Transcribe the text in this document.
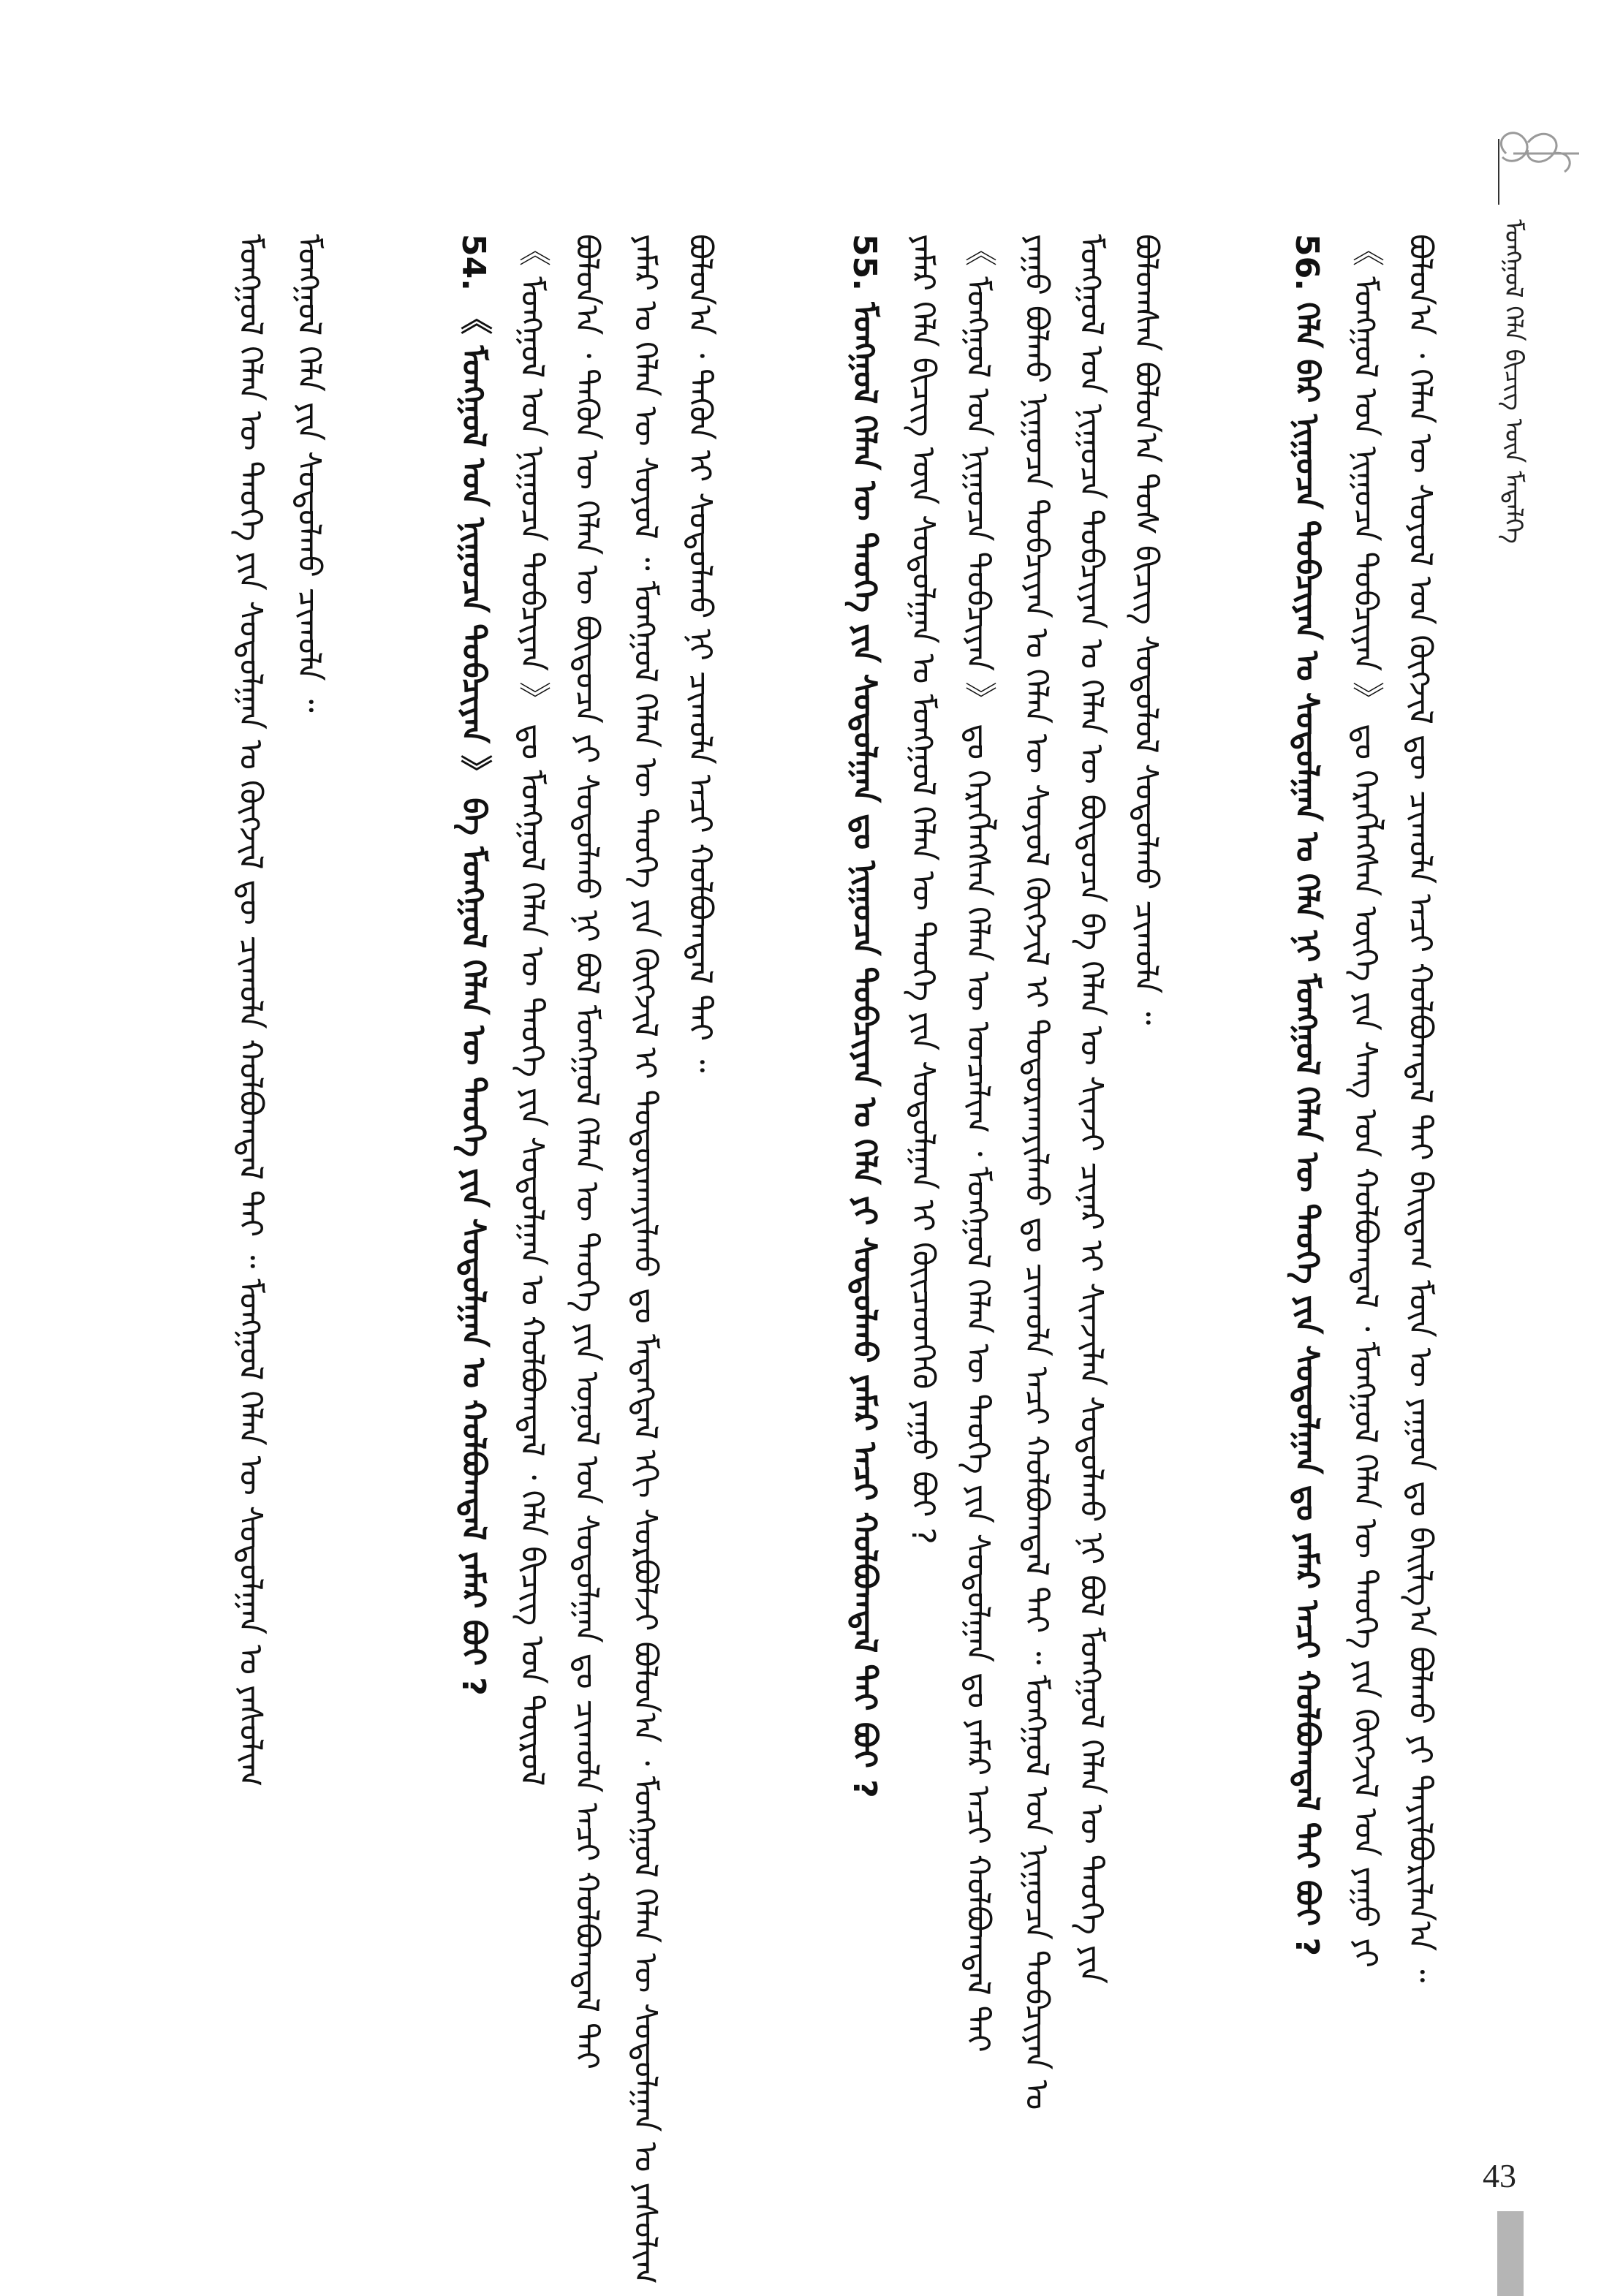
ᠮᠣᠩᠭᠣᠯ ᠬᠡᠯᠡ ᠪᠢᠴᠢᠭ᠌ ᠦᠨ ᠮᠡᠳᠡᠯᠭᠡ
ᠪᠣᠯᠤᠨ᠎ᠠ ᠂ ᠬᠡᠯᠡᠨ ᠦ ᠰᠣᠶᠣᠯ ᠤᠨ ᠬᠥᠭᠵᠢᠯ ᠳᠦ ᠴᠢᠬᠤᠯᠠ ᠠᠴᠢ ᠬᠣᠯᠪᠣᠭᠳᠠᠯ ᠲᠠᠢ ᠪᠠᠢᠳᠠᠭ ᠮᠥᠨ ᠦ ᠶᠠᠭᠤᠨ ᠳᠤ ᠪᠠᠢᠯᠭ᠎ᠠ ᠪᠣᠯᠬᠤ ᠶᠢ ᠲᠠᠶᠢᠯᠪᠤᠷᠢᠯᠠᠨ᠎ᠠ ᠃
《 ᠮᠣᠩᠭᠣᠯ ᠤᠨ ᠨᠢᠭᠤᠴᠠ ᠲᠣᠪᠴᠢᠶᠠᠨ 》 ᠳᠤ ᠬᠡᠷᠡᠭᠯᠡᠭᠰᠡᠨ ᠦᠭᠡ ᠶᠢᠨ ᠰᠠᠩ ᠤᠨ ᠬᠣᠯᠪᠣᠭᠳᠠᠯ ᠂ ᠮᠣᠩᠭᠣᠯ ᠬᠡᠯᠡᠨ ᠦ ᠲᠡᠦᠬᠡ ᠶᠢᠨ ᠬᠥᠭᠵᠢᠯ ᠤᠨ ᠶᠠᠭᠤ ᠶᠢ
56. ᠬᠡᠯᠡ ᠪᠡᠷ ᠨᠢᠭᠤᠴᠠ ᠲᠣᠪᠴᠢᠶᠠᠨ ᠤ ᠰᠤᠳᠤᠯᠭᠠᠨ ᠤ ᠬᠡᠯᠡ ᠨᠢ ᠮᠣᠩᠭᠣᠯ ᠬᠡᠯᠡᠨ ᠦ ᠲᠡᠦᠬᠡ ᠶᠢᠨ ᠰᠤᠳᠤᠯᠭᠠᠨ ᠳᠤ ᠶᠠᠮᠠᠷ ᠠᠴᠢ ᠬᠣᠯᠪᠣᠭᠳᠠᠯ ᠲᠠᠢ ᠪᠤᠢ ?
ᠪᠣᠯᠤᠭᠰᠠᠨ ᠪᠣᠯᠤᠨ᠎ᠠ ᠲᠤᠰ ᠪᠢᠴᠢᠭ ᠰᠤᠳᠤᠯᠤᠯ ᠰᠤᠳᠤᠯᠬᠤ ᠴᠢᠬᠤᠯᠠ ᠃
ᠮᠣᠩᠭᠣᠯ ᠤᠨ ᠨᠢᠭᠤᠴᠠ ᠲᠣᠪᠴᠢᠶᠠᠨ ᠤ ᠬᠡᠯᠡᠨ ᠦ ᠪᠦᠲᠦᠴᠡ ᠪᠠ ᠬᠡᠯᠡᠨ ᠦ ᠰᠢᠨᠵᠢ ᠴᠢᠨᠠᠷ ᠢ ᠰᠢᠨᠵᠢᠯᠡᠨ ᠰᠤᠳᠤᠯᠬᠤ ᠨᠢ ᠪᠣᠯ ᠮᠣᠩᠭᠣᠯ ᠬᠡᠯᠡᠨ ᠦ ᠲᠡᠦᠬᠡ ᠶᠢᠨ
ᠶᠠᠭᠤ ᠪᠣᠯᠬᠤ ᠨᠢᠭᠤᠴᠠ ᠲᠣᠪᠴᠢᠶᠠᠨ ᠤ ᠬᠡᠯᠡᠨ ᠦ ᠰᠣᠶᠣᠯ ᠬᠥᠭᠵᠢᠯ ᠢ ᠲᠣᠳᠤᠷᠬᠠᠶᠢᠯᠬᠤ ᠳᠤ ᠴᠢᠬᠤᠯᠠ ᠠᠴᠢ ᠬᠣᠯᠪᠣᠭᠳᠠᠯ ᠲᠠᠢ ᠃ ᠮᠣᠩᠭᠣᠯ ᠤᠨ ᠨᠢᠭᠤᠴᠠ ᠲᠣᠪᠴᠢᠶᠠᠨ ᠤ
《 ᠮᠣᠩᠭᠣᠯ ᠤᠨ ᠨᠢᠭᠤᠴᠠ ᠲᠣᠪᠴᠢᠶᠠᠨ 》 ᠳᠤ ᠬᠡᠷᠡᠭᠯᠡᠭᠰᠡᠨ ᠬᠡᠯᠡᠨ ᠦ ᠣᠨᠴᠠᠯᠢᠭ ᠂ ᠮᠣᠩᠭᠣᠯ ᠬᠡᠯᠡᠨ ᠦ ᠲᠡᠦᠬᠡ ᠶᠢᠨ ᠰᠤᠳᠤᠯᠭᠠᠨ ᠳᠤ ᠶᠠᠮᠠᠷ ᠠᠴᠢ ᠬᠣᠯᠪᠣᠭᠳᠠᠯ ᠲᠠᠢ
ᠶᠠᠮᠠᠷ ᠬᠡᠯᠡ ᠪᠢᠴᠢᠭ᠌ ᠦᠨ ᠰᠤᠳᠤᠯᠭᠠᠨ ᠤ ᠮᠣᠩᠭᠣᠯ ᠬᠡᠯᠡᠨ ᠦ ᠲᠡᠦᠬᠡ ᠶᠢᠨ ᠰᠤᠳᠤᠯᠭᠠᠨ ᠢ ᠬᠦᠢᠴᠡᠳᠭᠡᠬᠦ ᠶᠠᠭᠤ ᠪᠤᠢ ?
55. ᠮᠣᠩᠭᠣᠯ ᠬᠡᠯᠡᠨ ᠦ ᠲᠡᠦᠬᠡ ᠶᠢᠨ ᠰᠤᠳᠤᠯᠭᠠᠨ ᠳᠤ ᠨᠢᠭᠤᠴᠠ ᠲᠣᠪᠴᠢᠶᠠᠨ ᠤ ᠬᠡᠯᠡ ᠶᠢ ᠰᠤᠳᠤᠯᠬᠤ ᠶᠠᠮᠠᠷ ᠠᠴᠢ ᠬᠣᠯᠪᠣᠭᠳᠠᠯ ᠲᠠᠢ ᠪᠤᠢ ?
ᠪᠣᠯᠤᠨ᠎ᠠ ᠂ ᠲᠡᠭᠦᠨ ᠢ ᠰᠤᠳᠤᠯᠬᠤ ᠨᠢ ᠴᠢᠬᠤᠯᠠ ᠠᠴᠢ ᠬᠣᠯᠪᠣᠭᠳᠠᠯ ᠲᠠᠢ ᠃
ᠶᠠᠮᠠᠷ ᠤ ᠬᠡᠯᠡᠨ ᠦ ᠰᠣᠶᠣᠯ ᠃ ᠮᠣᠩᠭᠣᠯ ᠬᠡᠯᠡᠨ ᠦ ᠲᠡᠦᠬᠡ ᠶᠢᠨ ᠬᠥᠭᠵᠢᠯ ᠢ ᠲᠣᠳᠤᠷᠬᠠᠶᠢᠯᠬᠤ ᠳᠤ ᠮᠡᠳᠡᠭᠳᠡᠯ ᠡᠬᠢ ᠰᠤᠷᠪᠤᠯᠵᠢ ᠪᠣᠯᠤᠨ᠎ᠠ ᠂ ᠮᠣᠩᠭᠣᠯ ᠬᠡᠯᠡᠨ ᠦ ᠰᠤᠳᠤᠯᠭᠠᠨ ᠤ ᠶᠠᠰᠤᠯᠢᠭ
ᠪᠣᠯᠤᠨ᠎ᠠ ᠂ ᠲᠡᠭᠦᠨ ᠦ ᠬᠡᠯᠡᠨ ᠦ ᠪᠦᠲᠦᠴᠡ ᠶᠢ ᠰᠤᠳᠤᠯᠬᠤ ᠨᠢ ᠪᠣᠯ ᠮᠣᠩᠭᠣᠯ ᠬᠡᠯᠡᠨ ᠦ ᠲᠡᠦᠬᠡ ᠶᠢᠨ ᠣᠨᠣᠯ ᠤᠨ ᠰᠤᠳᠤᠯᠭᠠᠨ ᠳᠤ ᠴᠢᠬᠤᠯᠠ ᠠᠴᠢ ᠬᠣᠯᠪᠣᠭᠳᠠᠯ ᠲᠠᠢ
《 ᠮᠣᠩᠭᠣᠯ ᠤᠨ ᠨᠢᠭᠤᠴᠠ ᠲᠣᠪᠴᠢᠶᠠᠨ 》 ᠳᠤ ᠮᠣᠩᠭᠣᠯ ᠬᠡᠯᠡᠨ ᠦ ᠲᠡᠦᠬᠡ ᠶᠢᠨ ᠰᠤᠳᠤᠯᠭᠠᠨ ᠤ ᠬᠣᠯᠪᠣᠭᠳᠠᠯ ᠂ ᠬᠡᠯᠡ ᠪᠢᠴᠢᠭ ᠤᠨ ᠲᠦᠷᠦᠯ
54. 《 ᠮᠣᠩᠭᠣᠯ ᠤᠨ ᠨᠢᠭᠤᠴᠠ ᠲᠣᠪᠴᠢᠶᠠᠨ 》 ᠪᠠ ᠮᠣᠩᠭᠣᠯ ᠬᠡᠯᠡᠨ ᠦ ᠲᠡᠦᠬᠡ ᠶᠢᠨ ᠰᠤᠳᠤᠯᠭᠠᠨ ᠤ ᠬᠣᠯᠪᠣᠭᠳᠠᠯ ᠶᠠᠮᠠᠷ ᠪᠤᠢ ?
ᠮᠣᠩᠭᠣᠯ ᠬᠡᠯᠡ ᠶᠢᠨ ᠰᠤᠳᠤᠯᠬᠤ ᠴᠢᠬᠤᠯᠠ ᠃
ᠮᠣᠩᠭᠣᠯ ᠬᠡᠯᠡᠨ ᠦ ᠲᠡᠦᠬᠡ ᠶᠢᠨ ᠰᠤᠳᠤᠯᠭᠠᠨ ᠤ ᠬᠥᠭᠵᠢᠯ ᠳᠦ ᠴᠢᠬᠤᠯᠠ ᠬᠣᠯᠪᠣᠭᠳᠠᠯ ᠲᠠᠢ ᠃ ᠮᠣᠩᠭᠣᠯ ᠬᠡᠯᠡᠨ ᠦ ᠰᠤᠳᠤᠯᠭᠠᠨ ᠤ ᠶᠠᠰᠤᠯᠢᠭ
43
